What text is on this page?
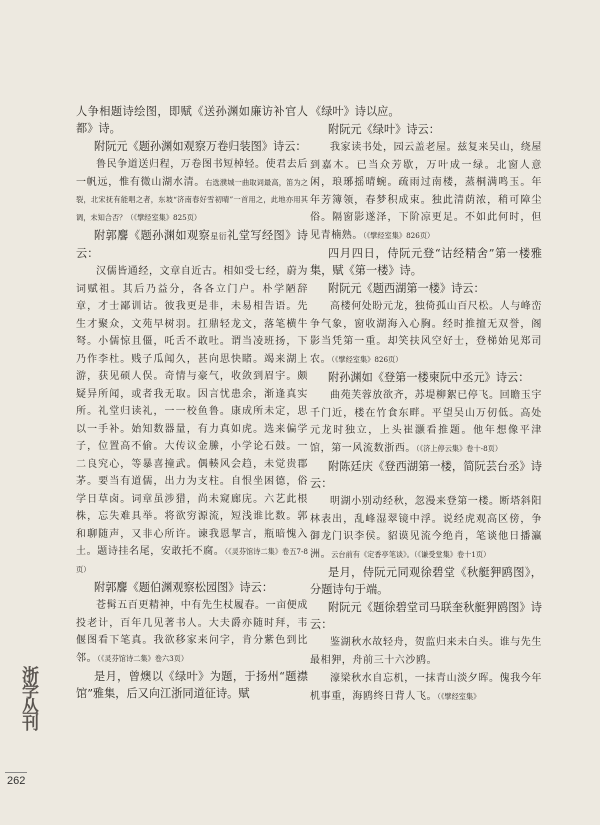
人争相题诗绘图，即赋《送孙渊如廉访补官人都》诗。

附阮元《题孙渊如观察万卷归装图》诗云：

鲁民争道送归程，万卷图书短棹轻。使君去后一帆远，惟有微山湖水清。右选濮城一曲取词最高，笛为之裂，北宋抚有能唱之者，东坡“济南春好雪初晴”一首用之，此地亦用其调，未知合否？（《擘经室集》825页）

附郭麐《题孙渊如观察星衍礼堂写经图》诗云：

汉儒皆通经，文章自近古。相如受七经，蔚为词赋祖。其后乃益分，各各立门户。朴学陋辞章，才士鄙训诂。彼我更是非，未易相告语。先生才聚众，文苑早树羽。扛鼎轻龙文，落笔横牛弩。小儒惊且僵，吒舌不敢吐。谓当凌班扬，下乃作李杜。贱子瓜闻久，甚向思快睹。竭来湖上游，获见硕人俣。奇情与豪气，收敛到眉宇。颇疑异所闻，或者我无取。因言忧患余，渐逢真实所。礼堂归读礼，一一校鱼鲁。康成所未定，思以一手补。始知数器量，有力真如虎。选来偏学子，位置高不偷。大传议金縢，小学论石鼓。一二良究心，等暴喜撞武。偶輳风会趋，未觉贵郡茅。要当有道儒，出力为支柱。自恨坐困德，俗学日草卤。词章虽涉猎，尚未窥廊庑。六艺此根株，忘失难具举。将欲穷源流，短浅谁比数。郭和聊随声，又非心所许。谏我恩挈言，瓶暗愧入土。题诗挂名尾，安敢托不腐。（《灵芬馆诗二集》卷五7-8页）

附郭麐《题伯渊观察松园图》诗云：

苍髯五百更精神，中有先生杖履春。一亩便成投老计，百年几见著书人。大夫爵亦随时拜，韦偃图看下笔真。我欲移家来问字，肯分紫色到比邻。（《灵芬馆诗二集》卷六3页）

是月，曾燠以《绿叶》为题，于扬州“题襟馆”雅集，后又向江浙同道征诗。赋

《绿叶》诗以应。

附阮元《绿叶》诗云：

我家读书处，园云盖老屋。兹复来吴山，绕屋到嘉木。已当众芳歇，万叶成一绿。北窗人意闲，琅琊摇晴蜿。疏雨过南楼，蒸桐满鸣玉。年年芳簿领，春梦积成束。独此清荫浓，稍可障尘俗。隔窗影遂泽，下阶凉更足。不如此何时，但见青楠熟。（《擘经室集》826页）

四月四日，侍阮元登“诂经精舍”第一楼雅集，赋《第一楼》诗。

附阮元《题西湖第一楼》诗云：

高楼何处盼元龙，独倚孤山百尺松。人与峰峦争气象，窗收湖海入心胸。经时推擅无双誉，阁影当凭第一重。却笑扶风空好士，登梯始见郑司农。（《擘经室集》826页）

附孙渊如《登第一楼柬阮中丞元》诗云：

曲苑芙蓉放欲齐，苏堤柳絮已停飞。回瞻玉宇千门近，楼在竹食东畔。平望吴山万仞低。高处元龙时独立，上头崔灏看推题。他年想像平津馆，第一风流数浙西。（《济上停云集》卷十-8页）

附陈廷庆《登西湖第一楼，简阮芸台丞》诗云：

明湖小别动经秋，忽漫来登第一楼。断塔斜阳林表出，乱峰湿翠镜中浮。说经虎观高区傍，争御龙门识李侯。貂谟见流今绝肖，笔谈他日播瀛洲。云台前有《定香亭笔谈》。（《谦受堂集》卷十1页）

是月，侍阮元同观徐碧堂《秋艇狎鸥图》，分题诗句于端。

附阮元《题徐碧堂司马联奎秋艇狎鸥图》诗云：

鉴湖秋水故轻舟，贺监归来未白头。谁与先生最相狎，舟前三十六沙鸥。

濠梁秋水自忘机，一抹青山淡夕晖。傀我今年机事重，海鸥终日背人飞。（《擘经室集》

浙学丛刊
262
